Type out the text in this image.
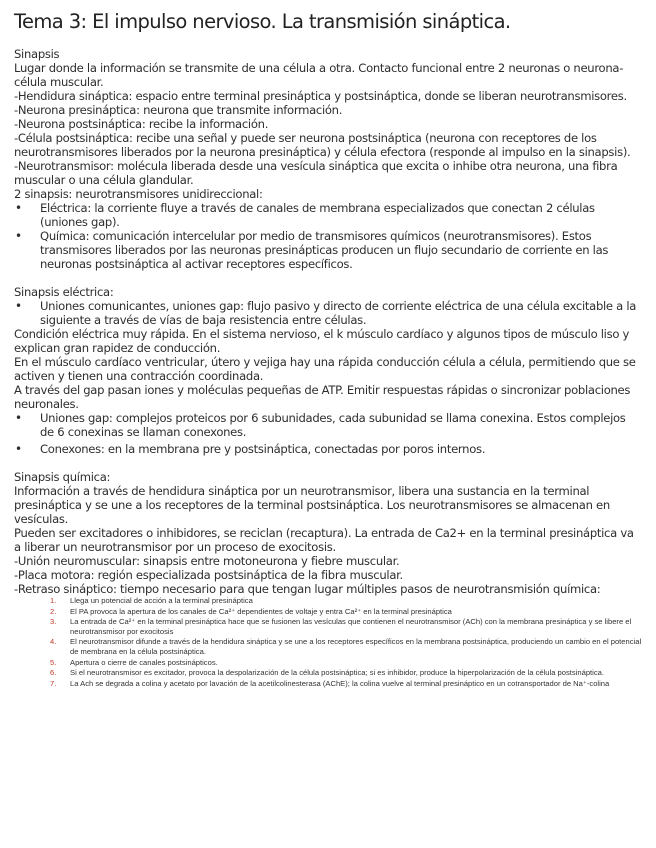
Tema 3: El impulso nervioso. La transmisión sináptica.

Sinapsis

Lugar donde la información se transmite de una célula a otra. Contacto funcional entre 2 neuronas o neurona-célula muscular.

-Hendidura sináptica: espacio entre terminal presináptica y postsináptica, donde se liberan neurotransmisores.

-Neurona presináptica: neurona que transmite información.

-Neurona postsináptica: recibe la información.

-Célula postsináptica: recibe una señal y puede ser neurona postsináptica (neurona con receptores de los neurotransmisores liberados por la neurona presináptica) y célula efectora (responde al impulso en la sinapsis).

-Neurotransmisor: molécula liberada desde una vesícula sináptica que excita o inhibe otra neurona, una fibra muscular o una célula glandular.

2 sinapsis: neurotransmisores unidireccional:

• Eléctrica: la corriente fluye a través de canales de membrana especializados que conectan 2 células (uniones gap).
• Química: comunicación intercelular por medio de transmisores químicos (neurotransmisores). Estos transmisores liberados por las neuronas presinápticas producen un flujo secundario de corriente en las neuronas postsináptica al activar receptores específicos.

Sinapsis eléctrica:

• Uniones comunicantes, uniones gap: flujo pasivo y directo de corriente eléctrica de una célula excitable a la siguiente a través de vías de baja resistencia entre células.

Condición eléctrica muy rápida. En el sistema nervioso, el k músculo cardíaco y algunos tipos de músculo liso y explican gran rapidez de conducción.

En el músculo cardíaco ventricular, útero y vejiga hay una rápida conducción célula a célula, permitiendo que se activen y tienen una contracción coordinada.

A través del gap pasan iones y moléculas pequeñas de ATP. Emitir respuestas rápidas o sincronizar poblaciones neuronales.

• Uniones gap: complejos proteicos por 6 subunidades, cada subunidad se llama conexina. Estos complejos de 6 conexinas se llaman conexones.
• Conexones: en la membrana pre y postsináptica, conectadas por poros internos.

Sinapsis química:

Información a través de hendidura sináptica por un neurotransmisor, libera una sustancia en la terminal presináptica y se une a los receptores de la terminal postsináptica. Los neurotransmisores se almacenan en vesículas.

Pueden ser excitadores o inhibidores, se reciclan (recaptura). La entrada de Ca2+ en la terminal presináptica va a liberar un neurotransmisor por un proceso de exocitosis.

-Unión neuromuscular: sinapsis entre motoneurona y fiebre muscular.

-Placa motora: región especializada postsináptica de la fibra muscular.

-Retraso sináptico: tiempo necesario para que tengan lugar múltiples pasos de neurotransmisión química:

1. Llega un potencial de acción a la terminal presináptica
2. El PA provoca la apertura de los canales de Ca²⁺ dependientes de voltaje y entra Ca²⁺ en la terminal presináptica
3. La entrada de Ca²⁺ en la terminal presináptica hace que se fusionen las vesículas que contienen el neurotransmisor (ACh) con la membrana presináptica y se libere el neurotransmisor por exocitosis
4. El neurotransmisor difunde a través de la hendidura sináptica y se une a los receptores específicos en la membrana postsináptica, produciendo un cambio en el potencial de membrana en la célula postsináptica.
5. Apertura o cierre de canales postsinápticos.
6. Si el neurotransmisor es excitador, provoca la despolarización de la célula postsináptica; si es inhibidor, produce la hiperpolarización de la célula postsináptica.
7. La Ach se degrada a colina y acetato por lavación de la acetilcolinesterasa (AChE); la colina vuelve al terminal presináptico en un cotransportador de Na⁺-colina
